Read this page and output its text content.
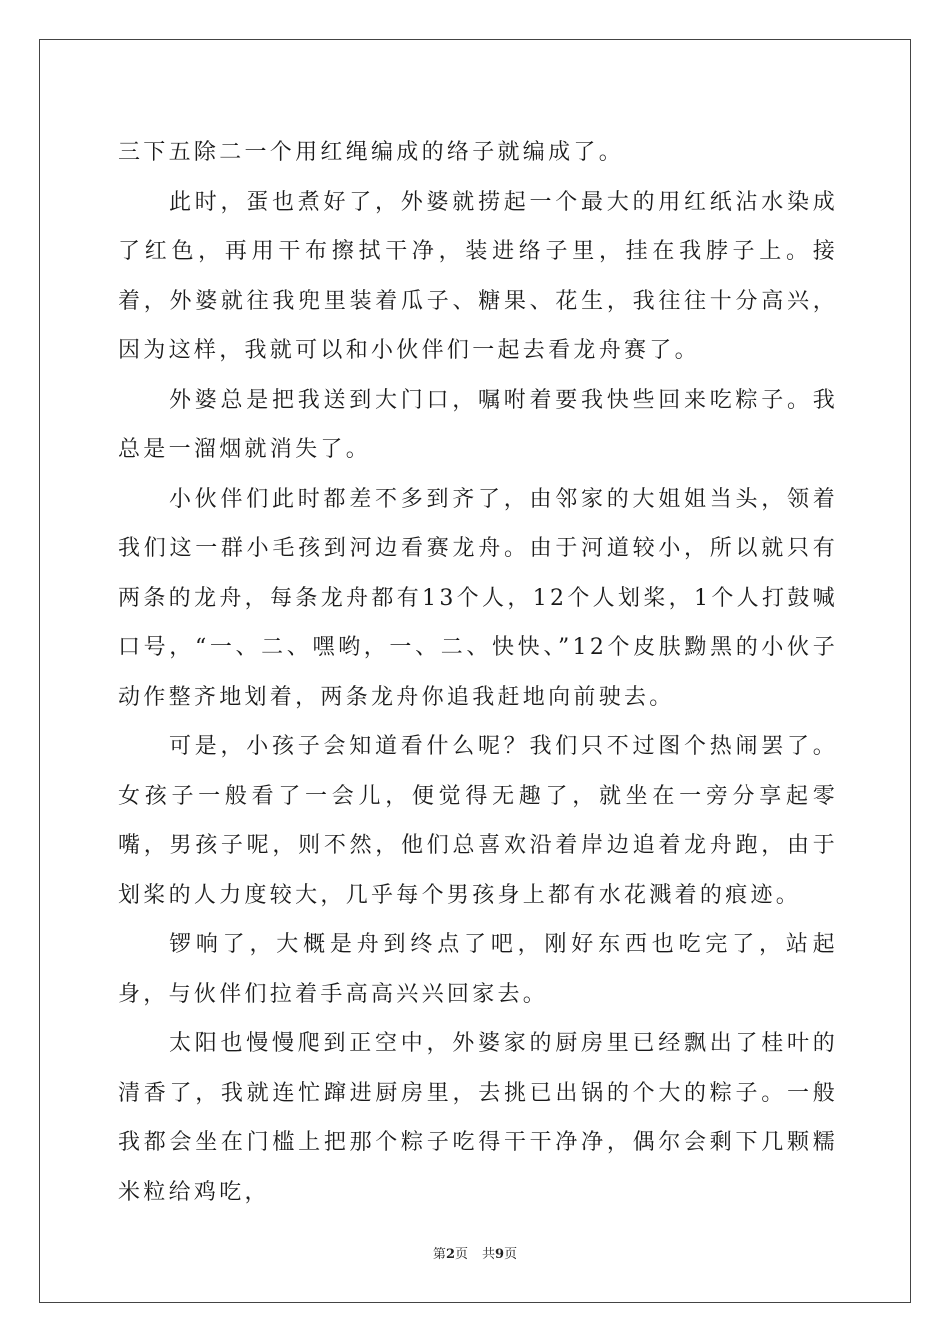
三下五除二一个用红绳编成的络子就编成了。

此时，蛋也煮好了，外婆就捞起一个最大的用红纸沾水染成了红色，再用干布擦拭干净，装进络子里，挂在我脖子上。接着，外婆就往我兜里装着瓜子、糖果、花生，我往往十分高兴，因为这样，我就可以和小伙伴们一起去看龙舟赛了。

外婆总是把我送到大门口，嘱咐着要我快些回来吃粽子。我总是一溜烟就消失了。

小伙伴们此时都差不多到齐了，由邻家的大姐姐当头，领着我们这一群小毛孩到河边看赛龙舟。由于河道较小，所以就只有两条的龙舟，每条龙舟都有13个人，12个人划桨，1个人打鼓喊口号，“一、二、嘿哟，一、二、快快、”12个皮肤黝黑的小伙子动作整齐地划着，两条龙舟你追我赶地向前驶去。

可是，小孩子会知道看什么呢？我们只不过图个热闹罢了。女孩子一般看了一会儿，便觉得无趣了，就坐在一旁分享起零嘴，男孩子呢，则不然，他们总喜欢沿着岸边追着龙舟跑，由于划桨的人力度较大，几乎每个男孩身上都有水花溅着的痕迹。

锣响了，大概是舟到终点了吧，刚好东西也吃完了，站起身，与伙伴们拉着手高高兴兴回家去。

太阳也慢慢爬到正空中，外婆家的厨房里已经飘出了桂叶的清香了，我就连忙蹿进厨房里，去挑已出锅的个大的粽子。一般我都会坐在门槛上把那个粽子吃得干干净净，偶尔会剩下几颗糯米粒给鸡吃，

第2页 共9页
